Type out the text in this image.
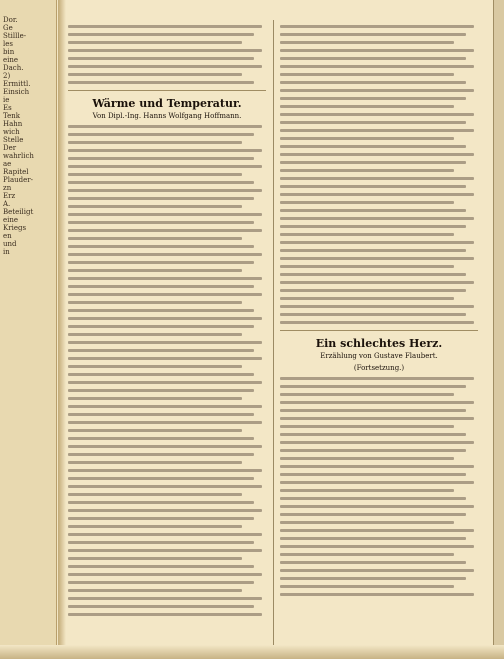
Dor.
Ge
Stillle-
les
bin
eine
Dach.
2)
Ermittl.
Einsich
ie
Es
Tenk
Hahn
wich
Stelle
Der
wahrlich
ae
Rapitel
Plauder-
zn
Erz
A.
Beteiligt
eine
Kriegs
en
und
in
Wärme und Temperatur.
Von Dipl.-Ing. Hanns Wolfgang Hoffmann.
Ein schlechtes Herz.
Erzählung von Gustave Flaubert.
(Fortsetzung.)
